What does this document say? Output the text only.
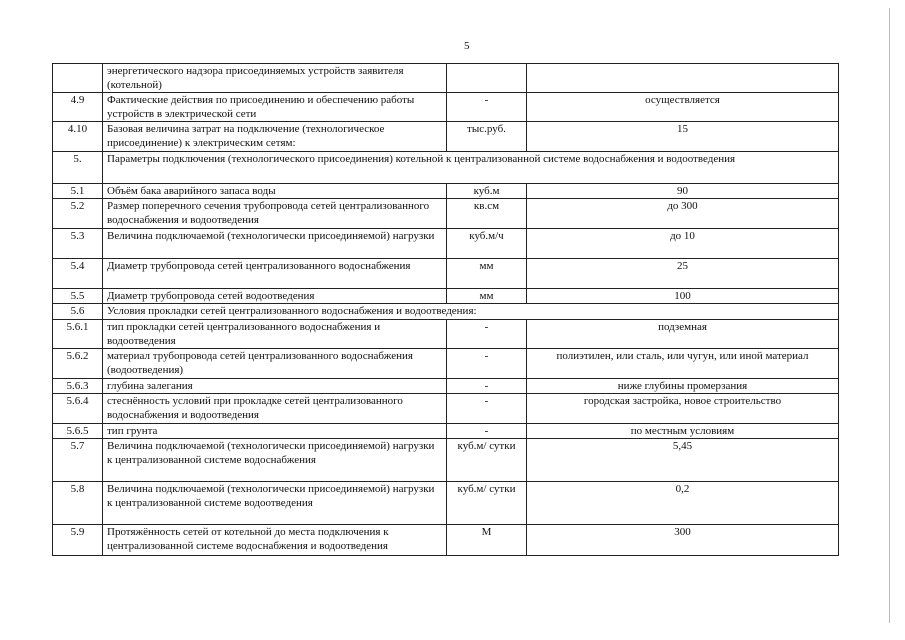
5
	энергетического надзора присоединяемых устройств заявителя (котельной)		
4.9	Фактические действия по присоединению и обеспечению работы устройств в электрической сети	-	осуществляется
4.10	Базовая величина затрат на подключение (технологическое присоединение) к электрическим сетям:	тыс.руб.	15
5.	Параметры подключения (технологического присоединения) котельной к централизованной системе водоснабжения и водоотведения		
5.1	Объём бака аварийного запаса воды	куб.м	90
5.2	Размер поперечного сечения трубопровода сетей централизованного водоснабжения и водоотведения	кв.см	до 300
5.3	Величина подключаемой (технологически присоединяемой) нагрузки	куб.м/ч	до 10
5.4	Диаметр трубопровода сетей централизованного водоснабжения	мм	25
5.5	Диаметр трубопровода сетей водоотведения	мм	100
5.6	Условия прокладки сетей централизованного водоснабжения и водоотведения:		
5.6.1	тип прокладки сетей централизованного водоснабжения и водоотведения	-	подземная
5.6.2	материал трубопровода сетей централизованного водоснабжения (водоотведения)	-	полиэтилен, или сталь, или чугун, или иной материал
5.6.3	глубина залегания	-	ниже глубины промерзания
5.6.4	стеснённость условий при прокладке сетей централизованного водоснабжения и водоотведения	-	городская застройка, новое строительство
5.6.5	тип грунта	-	по местным условиям
5.7	Величина подключаемой (технологически присоединяемой) нагрузки к централизованной системе водоснабжения	куб.м/ сутки	5,45
5.8	Величина подключаемой (технологически присоединяемой) нагрузки к централизованной системе водоотведения	куб.м/ сутки	0,2
5.9	Протяжённость сетей от котельной до места подключения к централизованной системе водоснабжения и водоотведения	М	300
